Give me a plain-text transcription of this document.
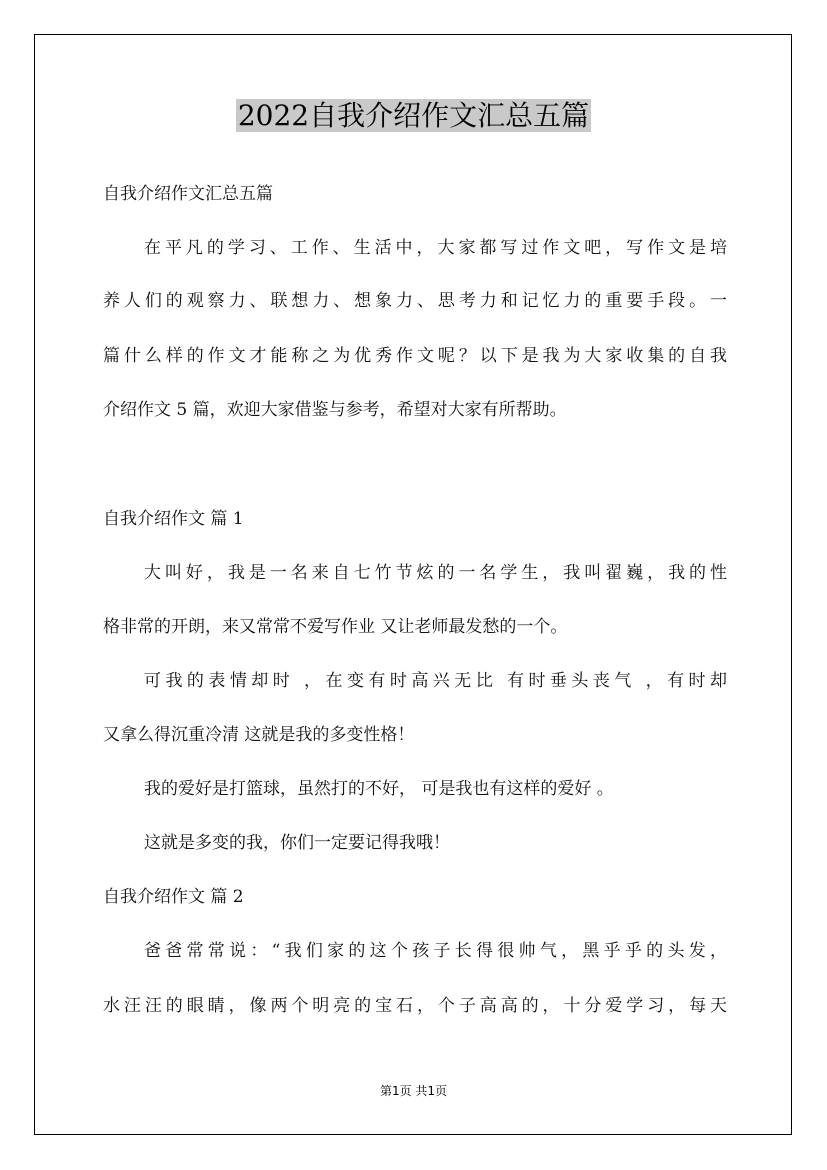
2022自我介绍作文汇总五篇

自我介绍作文汇总五篇

在平凡的学习、工作、生活中，大家都写过作文吧，写作文是培

养人们的观察力、联想力、想象力、思考力和记忆力的重要手段。一

篇什么样的作文才能称之为优秀作文呢？以下是我为大家收集的自我

介绍作文 5 篇，欢迎大家借鉴与参考，希望对大家有所帮助。

自我介绍作文 篇 1

大叫好，我是一名来自七竹节炫的一名学生，我叫翟巍，我的性

格非常的开朗，来又常常不爱写作业 又让老师最发愁的一个。

可我的表情却时 ，在变有时高兴无比 有时垂头丧气 ，有时却

又拿么得沉重冷清 这就是我的多变性格！

我的爱好是打篮球，虽然打的不好， 可是我也有这样的爱好 。

这就是多变的我，你们一定要记得我哦！

自我介绍作文 篇 2

爸爸常常说：“我们家的这个孩子长得很帅气，黑乎乎的头发，

水汪汪的眼睛，像两个明亮的宝石，个子高高的，十分爱学习，每天

第1页 共1页
